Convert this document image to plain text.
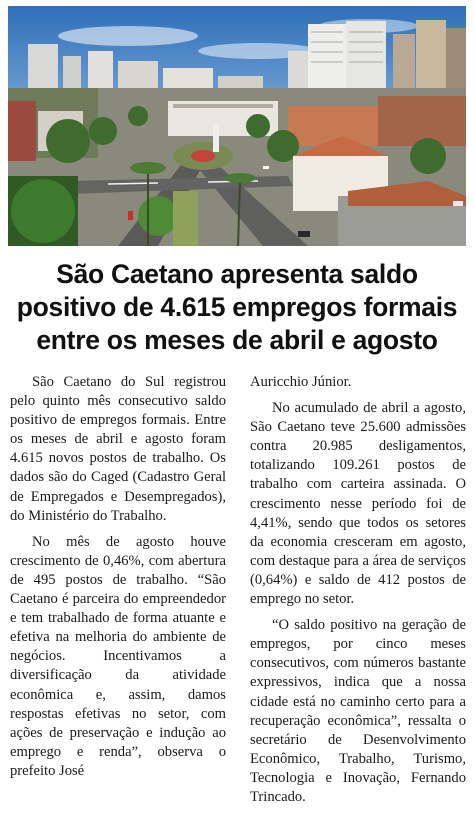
São Caetano apresenta saldo positivo de 4.615 empregos formais entre os meses de abril e agosto

São Caetano do Sul registrou pelo quinto mês consecutivo saldo positivo de empregos formais. Entre os meses de abril e agosto foram 4.615 novos postos de trabalho. Os dados são do Caged (Cadastro Geral de Empregados e Desempregados), do Ministério do Trabalho.

No mês de agosto houve crescimento de 0,46%, com abertura de 495 postos de trabalho. “São Caetano é parceira do empreendedor e tem trabalhado de forma atuante e efetiva na melhoria do ambiente de negócios. Incentivamos a diversificação da atividade econômica e, assim, damos respostas efetivas no setor, com ações de preservação e indução ao emprego e renda”, observa o prefeito José

Auricchio Júnior.

No acumulado de abril a agosto, São Caetano teve 25.600 admissões contra 20.985 desligamentos, totalizando 109.261 postos de trabalho com carteira assinada. O crescimento nesse período foi de 4,41%, sendo que todos os setores da economia cresceram em agosto, com destaque para a área de serviços (0,64%) e saldo de 412 postos de emprego no setor.

“O saldo positivo na geração de empregos, por cinco meses consecutivos, com números bastante expressivos, indica que a nossa cidade está no caminho certo para a recuperação econômica”, ressalta o secretário de Desenvolvimento Econômico, Trabalho, Turismo, Tecnologia e Inovação, Fernando Trincado.
